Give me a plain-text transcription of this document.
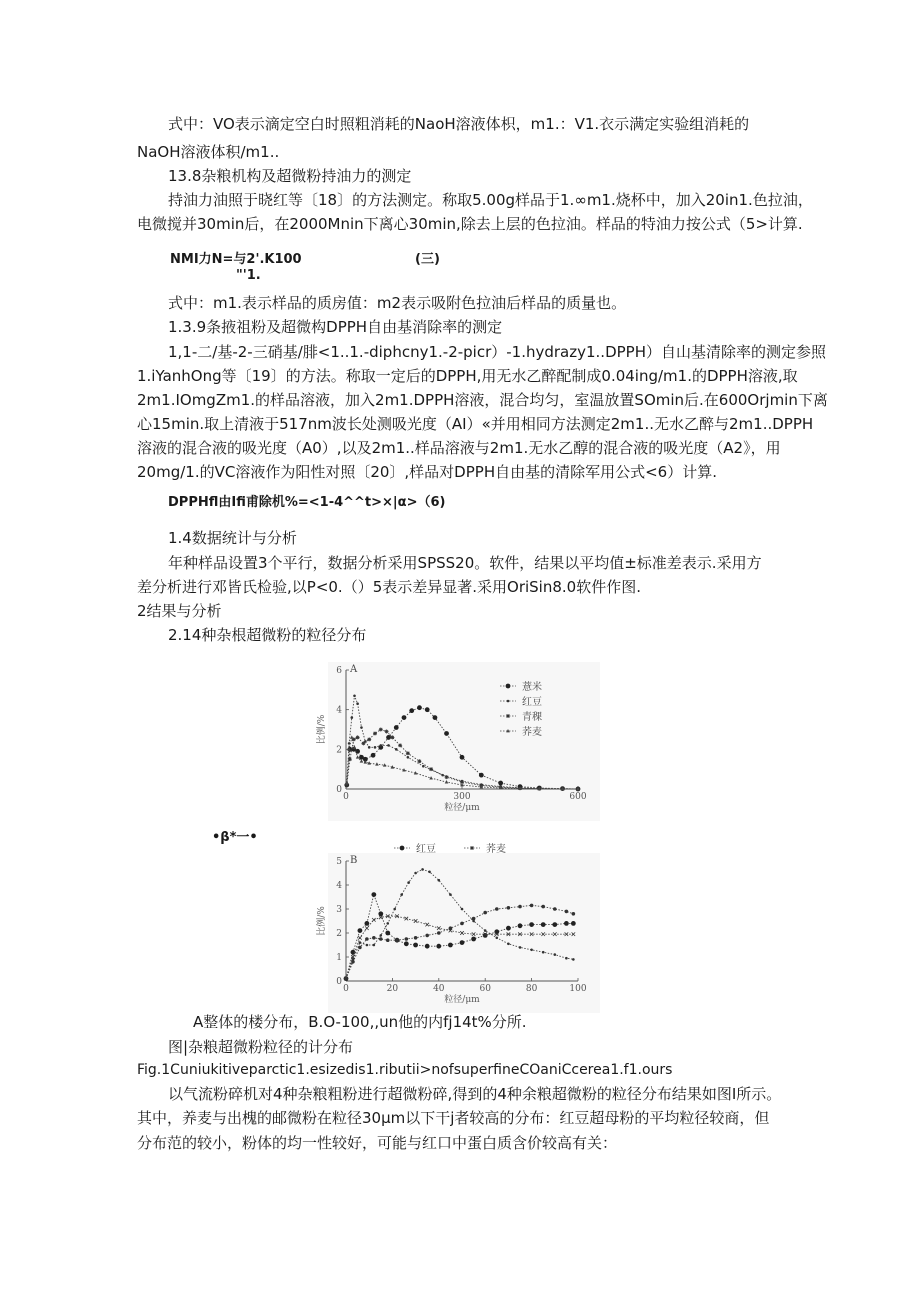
式中：VO表示滴定空白时照粗消耗的NaoH溶液体枳，m1.：V1.衣示满定实验组消耗的
NaOH溶液体积/m1..
13.8杂粮机构及超微粉持油力的测定
持油力油照于晓红等〔18〕的方法测定。称取5.00g样品于1.∞m1.烧杯中，加入20in1.色拉油，
电微搅并30min后，在2000Mnin下离心30min,除去上层的色拉油。样品的特油力按公式（5>计算.
NMI力N=与2'.K100	(三)
"'1.
式中：m1.表示样品的质房值：m2表示吸附色拉油后样品的质量也。
1.3.9条掖祖粉及超微构DPPH自由基消除率的测定
1,1-二/基-2-三硝基/腓<1..1.-diphcny1.-2-picr）-1.hydrazy1..DPPH）自山基清除率的测定参照
1.iYanhOng等〔19〕的方法。称取一定后的DPPH,用无水乙醉配制成0.04ing/m1.的DPPH溶液,取
2m1.IOmgZm1.的样品溶液，加入2m1.DPPH溶液，混合均匀，室温放置SOmin后.在600Orjmin下离
心15min.取上清液于517nm波长处测吸光度（AI）«并用相同方法测定2m1..无水乙醉与2m1..DPPH
溶液的混合液的吸光度（A0）,以及2m1..样品溶液与2m1.无水乙醇的混合液的吸光度（A2》，用
20mg/1.的VC溶液作为阳性对照〔20〕,样品对DPPH自由基的清除军用公式<6）计算.
DPPHfl由Ifi甫除机%=<1-4^^t>×|α>（6)
1.4数据统计与分析
年种样品设置3个平行，数据分析采用SPSS20。软件，结果以平均值±标准差表示.采用方
差分析进行邓皆氏检验,以P<0.（）5表示差异显著.采用OriSin8.0软件作图.
2结果与分析
2.14种杂根超微粉的粒径分布
0	300	600
0
2
4
6 A
粒径/μm
比例/%
薏米
红豆
青稞
荞麦
0	20	40	60	80	100
0
1
2
3
4
5 B
粒径/μm
比例/%
红豆	荞麦
•β*一•
A整体的楼分布，B.O-100,,un他的内fj14t%分所.
图|杂粮超微粉粒径的计分布
Fig.1Cuniukitiveparctic1.esizedis1.ributii>nofsuperfineCOaniCcerea1.f1.ours
以气流粉碎机对4种杂粮粗粉进行超微粉碎,得到的4种余粮超微粉的粒径分布结果如图I所示。
其中，养麦与出槐的邮微粉在粒径30μm以下干j者较高的分布：红豆超母粉的平均粒径较商，但
分布范的较小，粉体的均一性较好，可能与红口中蛋白质含价较高有关：
